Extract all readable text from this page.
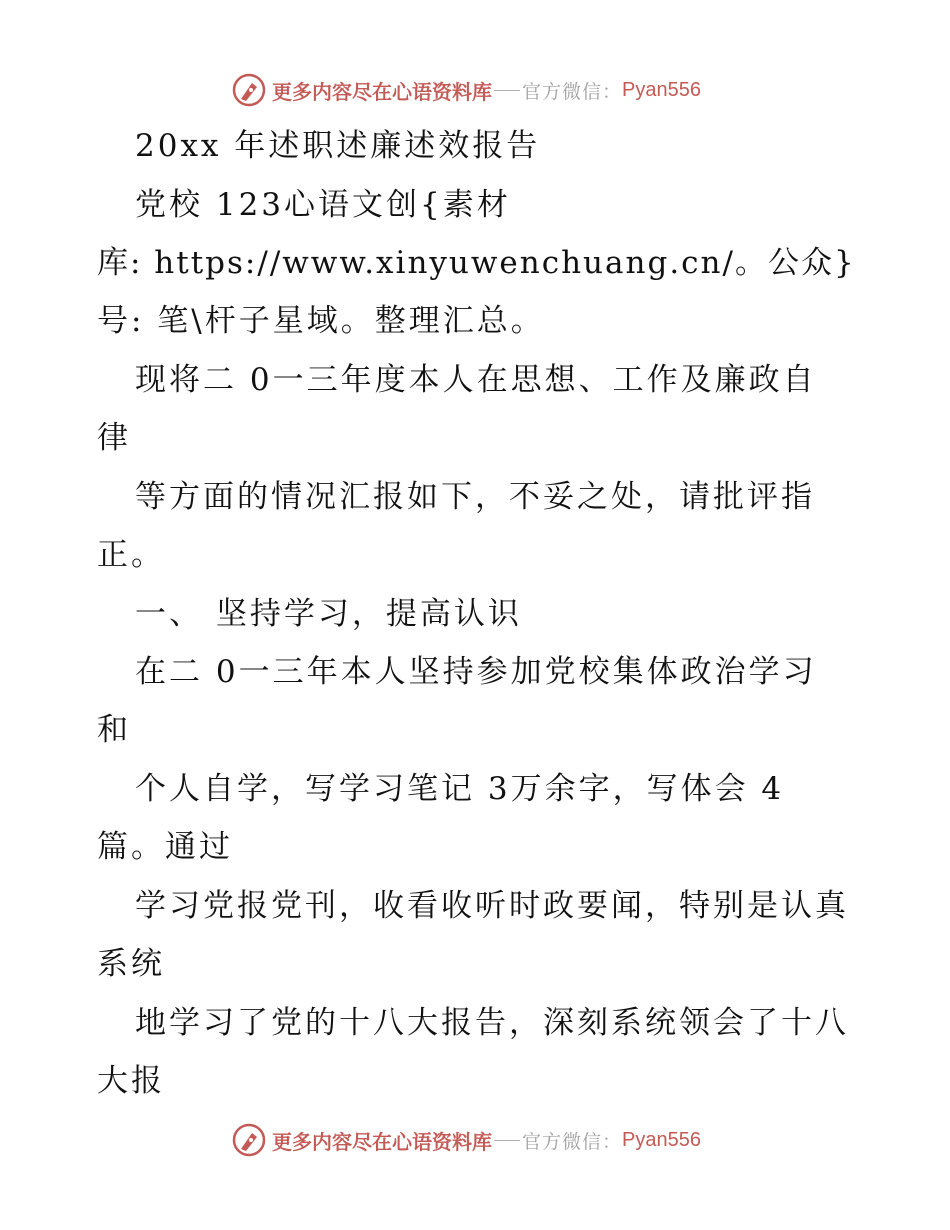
更多内容尽在心语资料库 官方微信： Pyan556
20xx 年述职述廉述效报告
党校 123心语文创{素材
库: https://www.xinyuwenchuang.cn/。公众}
号: 笔\杆子星域。整理汇总。
现将二 0一三年度本人在思想、工作及廉政自
律
等方面的情况汇报如下，不妥之处，请批评指
正。
一、 坚持学习，提高认识
在二 0一三年本人坚持参加党校集体政治学习
和
个人自学，写学习笔记 3万余字，写体会 4
篇。通过
学习党报党刊，收看收听时政要闻，特别是认真
系统
地学习了党的十八大报告，深刻系统领会了十八
大报
更多内容尽在心语资料库 官方微信： Pyan556
